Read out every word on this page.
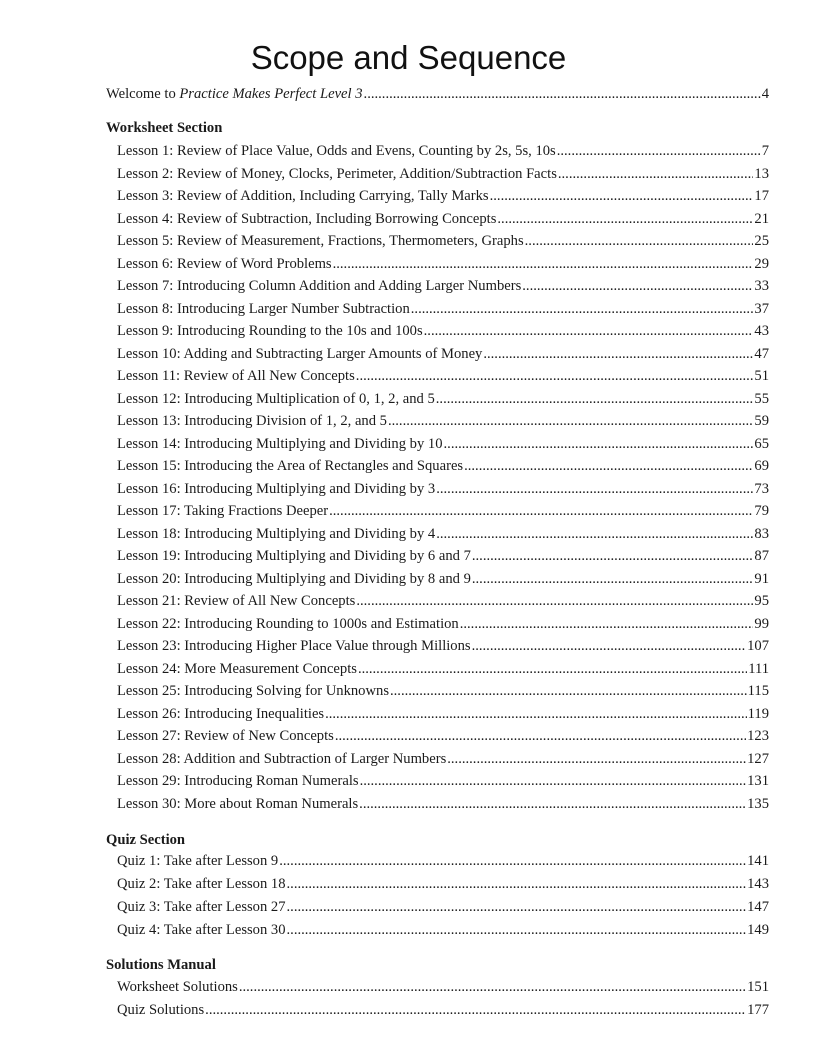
Scope and Sequence
Welcome to Practice Makes Perfect Level 3 .....	4
Worksheet Section
Lesson 1: Review of Place Value, Odds and Evens, Counting by 2s, 5s, 10s .....	7
Lesson 2: Review of Money, Clocks, Perimeter, Addition/Subtraction Facts .....	13
Lesson 3: Review of Addition, Including Carrying, Tally Marks .....	17
Lesson 4: Review of Subtraction, Including Borrowing Concepts .....	21
Lesson 5: Review of Measurement, Fractions, Thermometers, Graphs .....	25
Lesson 6: Review of Word Problems .....	29
Lesson 7: Introducing Column Addition and Adding Larger Numbers .....	33
Lesson 8: Introducing Larger Number Subtraction .....	37
Lesson 9: Introducing Rounding to the 10s and 100s .....	43
Lesson 10: Adding and Subtracting Larger Amounts of Money .....	47
Lesson 11: Review of All New Concepts .....	51
Lesson 12: Introducing Multiplication of 0, 1, 2, and 5 .....	55
Lesson 13: Introducing Division of 1, 2, and 5 .....	59
Lesson 14: Introducing Multiplying and Dividing by 10 .....	65
Lesson 15: Introducing the Area of Rectangles and Squares .....	69
Lesson 16: Introducing Multiplying and Dividing by 3 .....	73
Lesson 17: Taking Fractions Deeper .....	79
Lesson 18: Introducing Multiplying and Dividing by 4 .....	83
Lesson 19: Introducing Multiplying and Dividing by 6 and 7 .....	87
Lesson 20: Introducing Multiplying and Dividing by 8 and 9 .....	91
Lesson 21: Review of All New Concepts .....	95
Lesson 22: Introducing Rounding to 1000s and Estimation .....	99
Lesson 23: Introducing Higher Place Value through Millions .....	107
Lesson 24: More Measurement Concepts .....	111
Lesson 25: Introducing Solving for Unknowns .....	115
Lesson 26: Introducing Inequalities .....	119
Lesson 27: Review of New Concepts .....	123
Lesson 28: Addition and Subtraction of Larger Numbers .....	127
Lesson 29: Introducing Roman Numerals .....	131
Lesson 30: More about Roman Numerals .....	135
Quiz Section
Quiz 1: Take after Lesson 9 .....	141
Quiz 2: Take after Lesson 18 .....	143
Quiz 3: Take after Lesson 27 .....	147
Quiz 4: Take after Lesson 30 .....	149
Solutions Manual
Worksheet Solutions .....	151
Quiz Solutions .....	177
